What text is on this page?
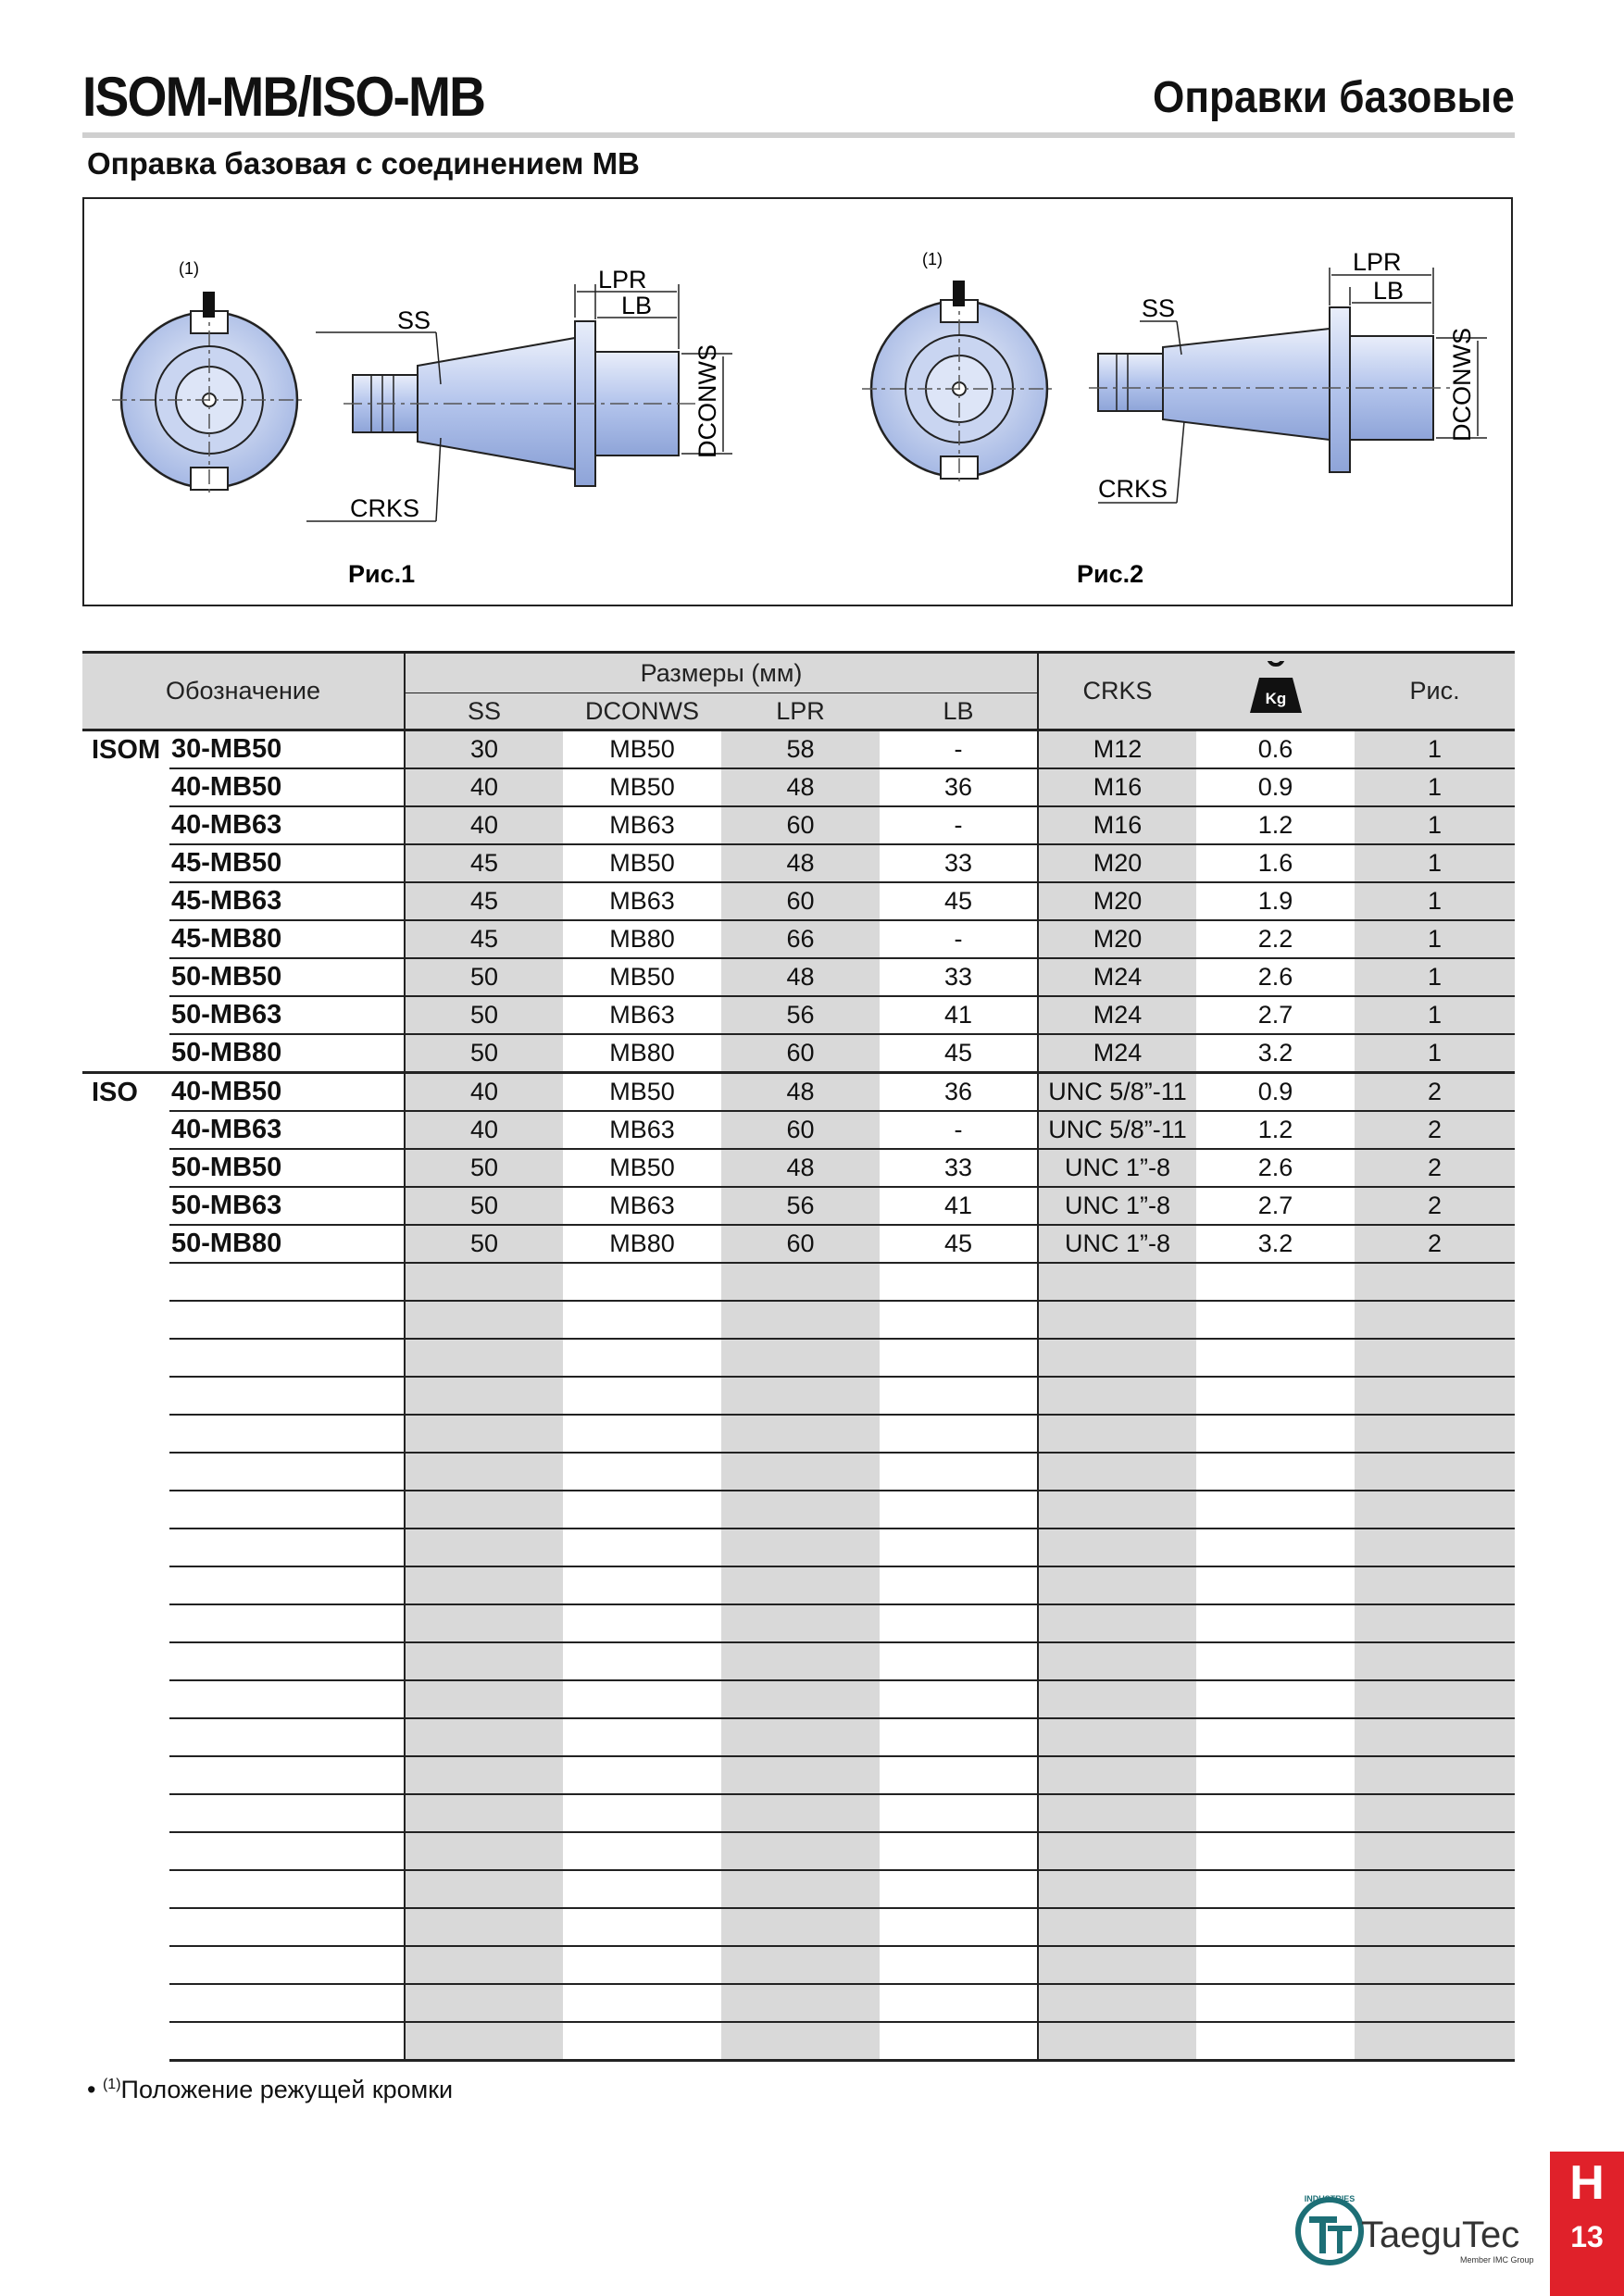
ISOM-MB/ISO-MB	Оправки базовые
Оправка базовая с соединением MB
(1)
SS
CRKS
LPR
LB
DCONWS
Рис.1
(1)
SS
CRKS
LPR
LB
DCONWS
Рис.2
Обозначение		Размеры (мм)				CRKS	Kg	Рис.
		SS	DCONWS	LPR	LB			
ISOM	30-MB50	30	MB50	58	-	M12	0.6	1
	40-MB50	40	MB50	48	36	M16	0.9	1
	40-MB63	40	MB63	60	-	M16	1.2	1
	45-MB50	45	MB50	48	33	M20	1.6	1
	45-MB63	45	MB63	60	45	M20	1.9	1
	45-MB80	45	MB80	66	-	M20	2.2	1
	50-MB50	50	MB50	48	33	M24	2.6	1
	50-MB63	50	MB63	56	41	M24	2.7	1
	50-MB80	50	MB80	60	45	M24	3.2	1
ISO	40-MB50	40	MB50	48	36	UNC 5/8”-11	0.9	2
	40-MB63	40	MB63	60	-	UNC 5/8”-11	1.2	2
	50-MB50	50	MB50	48	33	UNC 1”-8	2.6	2
	50-MB63	50	MB63	56	41	UNC 1”-8	2.7	2
	50-MB80	50	MB80	60	45	UNC 1”-8	3.2	2

• $^{(1)}$Положение режущей кромки
INDUSTRIES
TaeguTec
Member IMC Group
H
13
